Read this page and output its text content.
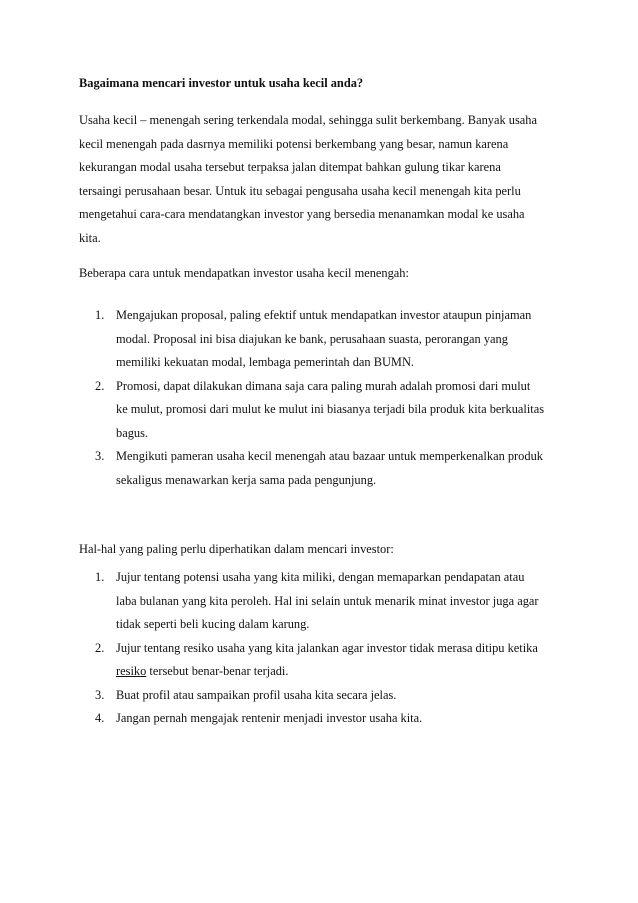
Bagaimana mencari investor untuk usaha kecil anda?
Usaha kecil – menengah sering terkendala modal, sehingga sulit berkembang. Banyak usaha
kecil menengah pada dasrnya memiliki potensi berkembang yang besar, namun karena
kekurangan modal usaha tersebut terpaksa jalan ditempat bahkan gulung tikar karena
tersaingi perusahaan besar. Untuk itu sebagai pengusaha usaha kecil menengah kita perlu
mengetahui cara-cara mendatangkan investor yang bersedia menanamkan modal ke usaha
kita.
Beberapa cara untuk mendapatkan investor usaha kecil menengah:
1. Mengajukan proposal, paling efektif untuk mendapatkan investor ataupun pinjaman
modal. Proposal ini bisa diajukan ke bank, perusahaan suasta, perorangan yang
memiliki kekuatan modal, lembaga pemerintah dan BUMN.
2. Promosi, dapat dilakukan dimana saja cara paling murah adalah promosi dari mulut
ke mulut, promosi dari mulut ke mulut ini biasanya terjadi bila produk kita berkualitas
bagus.
3. Mengikuti pameran usaha kecil menengah atau bazaar untuk memperkenalkan produk
sekaligus menawarkan kerja sama pada pengunjung.
Hal-hal yang paling perlu diperhatikan dalam mencari investor:
1. Jujur tentang potensi usaha yang kita miliki, dengan memaparkan pendapatan atau
laba bulanan yang kita peroleh. Hal ini selain untuk menarik minat investor juga agar
tidak seperti beli kucing dalam karung.
2. Jujur tentang resiko usaha yang kita jalankan agar investor tidak merasa ditipu ketika
resiko tersebut benar-benar terjadi.
3. Buat profil atau sampaikan profil usaha kita secara jelas.
4. Jangan pernah mengajak rentenir menjadi investor usaha kita.
